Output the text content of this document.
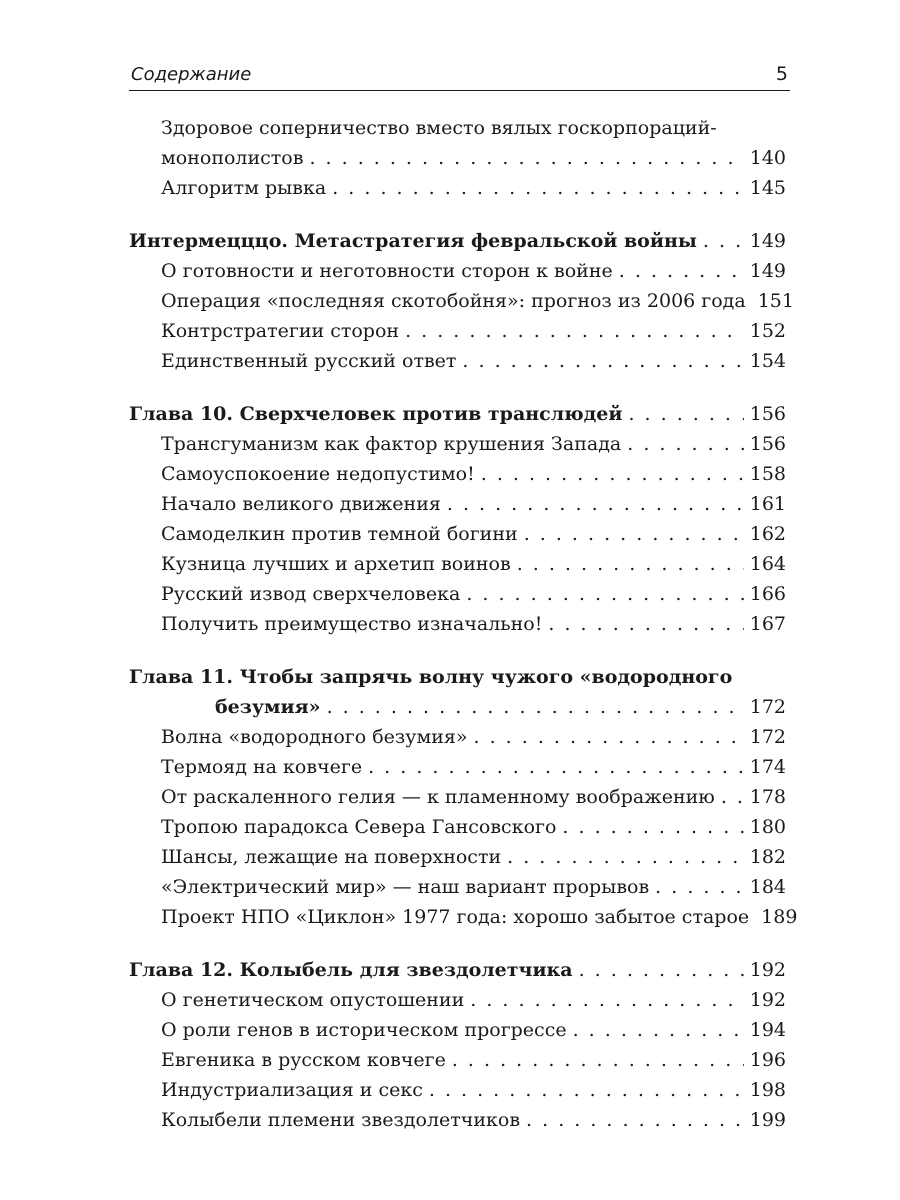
Содержание	5
Здоровое соперничество вместо вялых госкорпораций-
монополистов . . .	140
Алгоритм рывка . . .	145
Интермецццо. Метастратегия февральской войны . . .	149
О готовности и неготовности сторон к войне . . .	149
Операция «последняя скотобойня»: прогноз из 2006 года 151
Контрстратегии сторон . . .	152
Единственный русский ответ . . .	154
Глава 10. Сверхчеловек против транслюдей . . .	156
Трансгуманизм как фактор крушения Запада . . .	156
Самоуспокоение недопустимо! . . .	158
Начало великого движения . . .	161
Самоделкин против темной богини . . .	162
Кузница лучших и архетип воинов . . .	164
Русский извод сверхчеловека . . .	166
Получить преимущество изначально! . . .	167
Глава 11. Чтобы запрячь волну чужого «водородного
безумия» . . .	172
Волна «водородного безумия» . . .	172
Термояд на ковчеге . . .	174
От раскаленного гелия — к пламенному воображению . . . 178
Тропою парадокса Севера Гансовского . . .	180
Шансы, лежащие на поверхности . . .	182
«Электрический мир» — наш вариант прорывов . . .	184
Проект НПО «Циклон» 1977 года: хорошо забытое старое 189
Глава 12. Колыбель для звездолетчика . . .	192
О генетическом опустошении . . .	192
О роли генов в историческом прогрессе . . .	194
Евгеника в русском ковчеге . . .	196
Индустриализация и секс . . .	198
Колыбели племени звездолетчиков . . .	199
